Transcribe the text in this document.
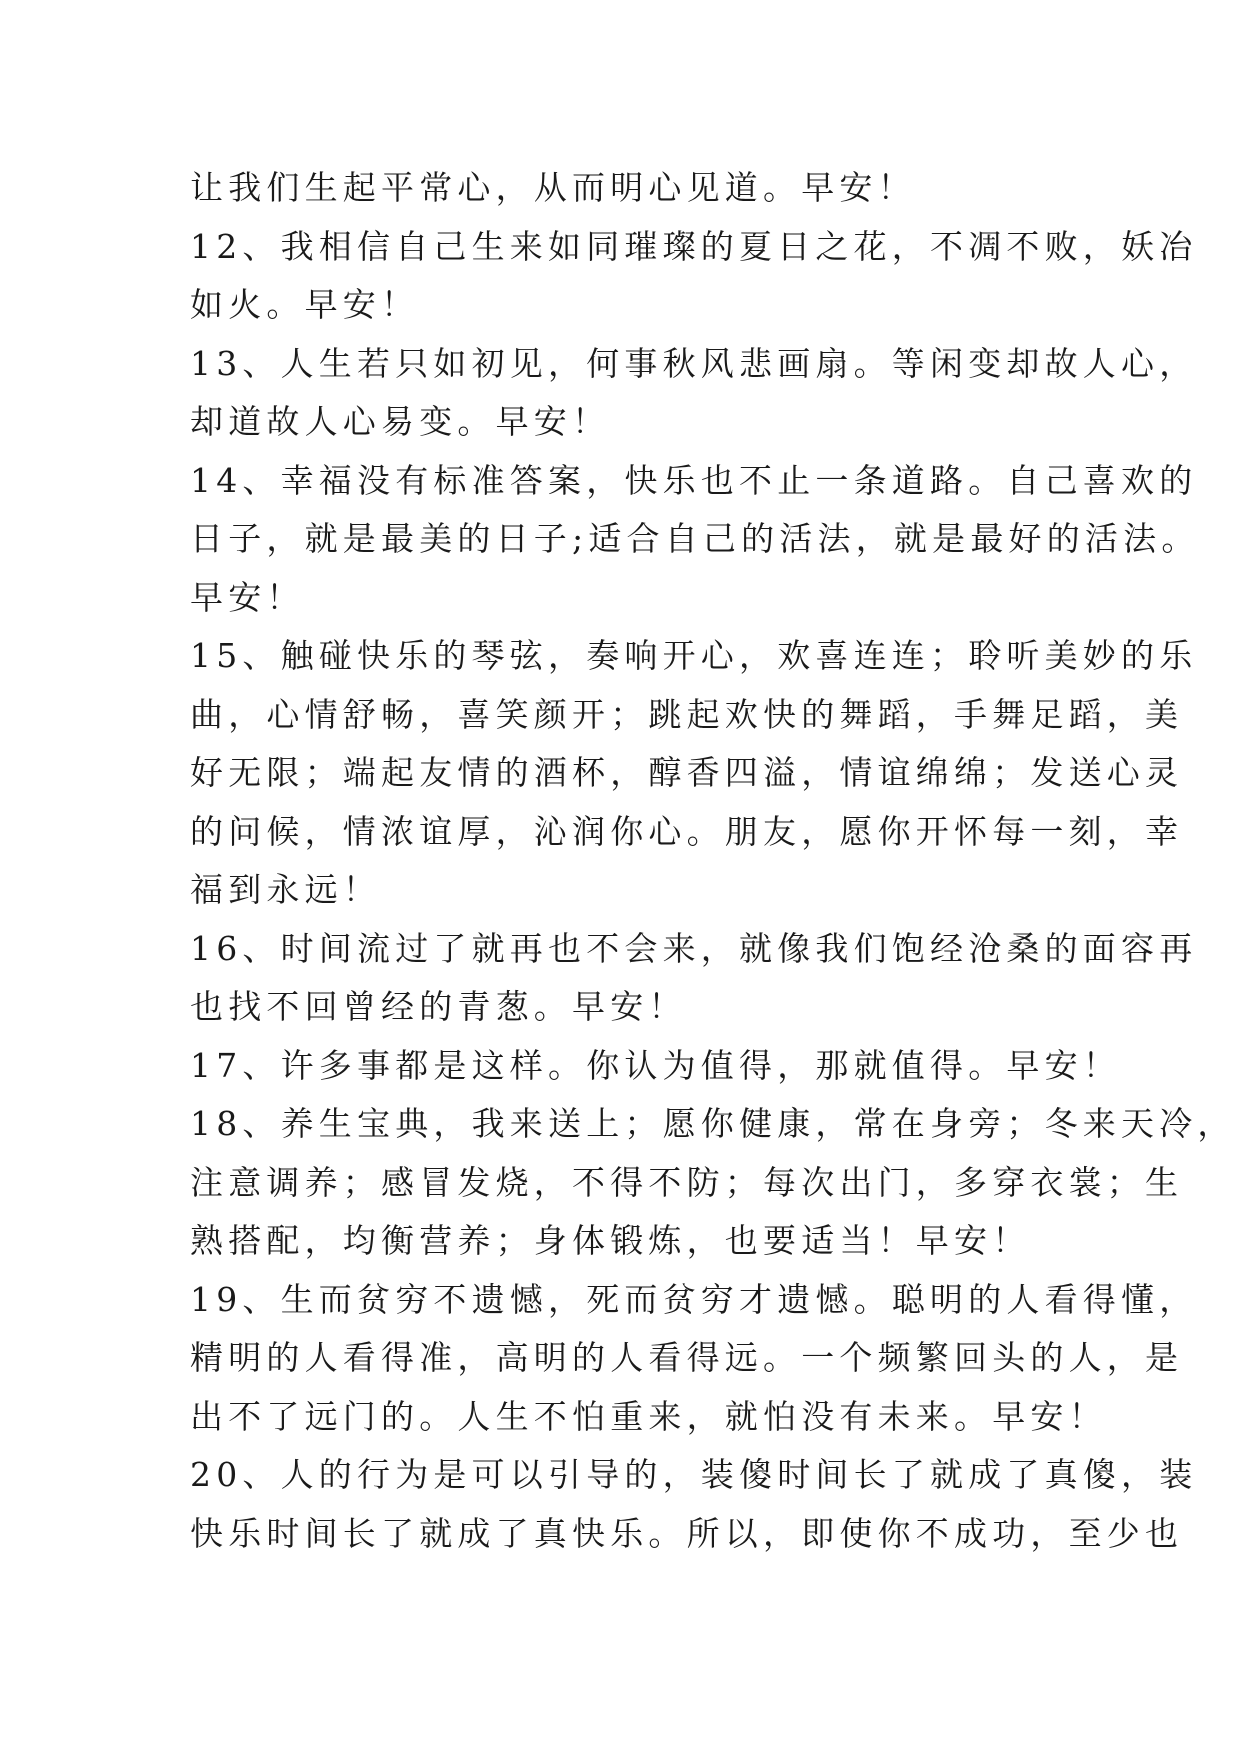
让我们生起平常心，从而明心见道。早安！
12、我相信自己生来如同璀璨的夏日之花，不凋不败，妖冶
如火。早安！
13、人生若只如初见，何事秋风悲画扇。等闲变却故人心，
却道故人心易变。早安！
14、幸福没有标准答案，快乐也不止一条道路。自己喜欢的
日子，就是最美的日子;适合自己的活法，就是最好的活法。
早安！
15、触碰快乐的琴弦，奏响开心，欢喜连连；聆听美妙的乐
曲，心情舒畅，喜笑颜开；跳起欢快的舞蹈，手舞足蹈，美
好无限；端起友情的酒杯，醇香四溢，情谊绵绵；发送心灵
的问候，情浓谊厚，沁润你心。朋友，愿你开怀每一刻，幸
福到永远！
16、时间流过了就再也不会来，就像我们饱经沧桑的面容再
也找不回曾经的青葱。早安！
17、许多事都是这样。你认为值得，那就值得。早安！
18、养生宝典，我来送上；愿你健康，常在身旁；冬来天冷，
注意调养；感冒发烧，不得不防；每次出门，多穿衣裳；生
熟搭配，均衡营养；身体锻炼，也要适当！早安！
19、生而贫穷不遗憾，死而贫穷才遗憾。聪明的人看得懂，
精明的人看得准，高明的人看得远。一个频繁回头的人，是
出不了远门的。人生不怕重来，就怕没有未来。早安！
20、人的行为是可以引导的，装傻时间长了就成了真傻，装
快乐时间长了就成了真快乐。所以，即使你不成功，至少也
